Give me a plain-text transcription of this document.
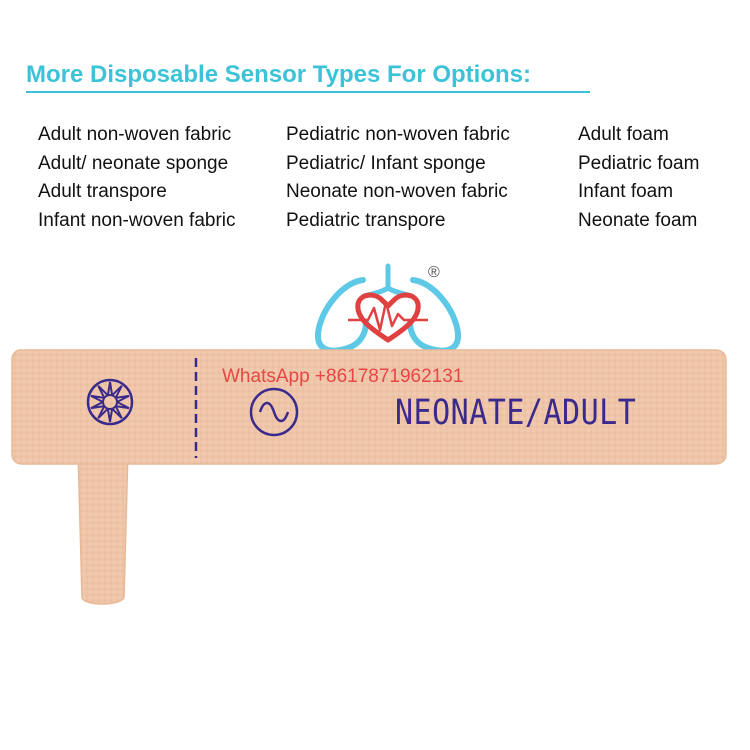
More Disposable Sensor Types For Options:
Adult non-woven fabric
Adult/ neonate sponge
Adult transpore
Infant non-woven fabric
Pediatric non-woven fabric
Pediatric/ Infant sponge
Neonate non-woven fabric
Pediatric transpore
Adult foam
Pediatric foam
Infant foam
Neonate foam
®
NEONATE/ADULT
WhatsApp +8617871962131
